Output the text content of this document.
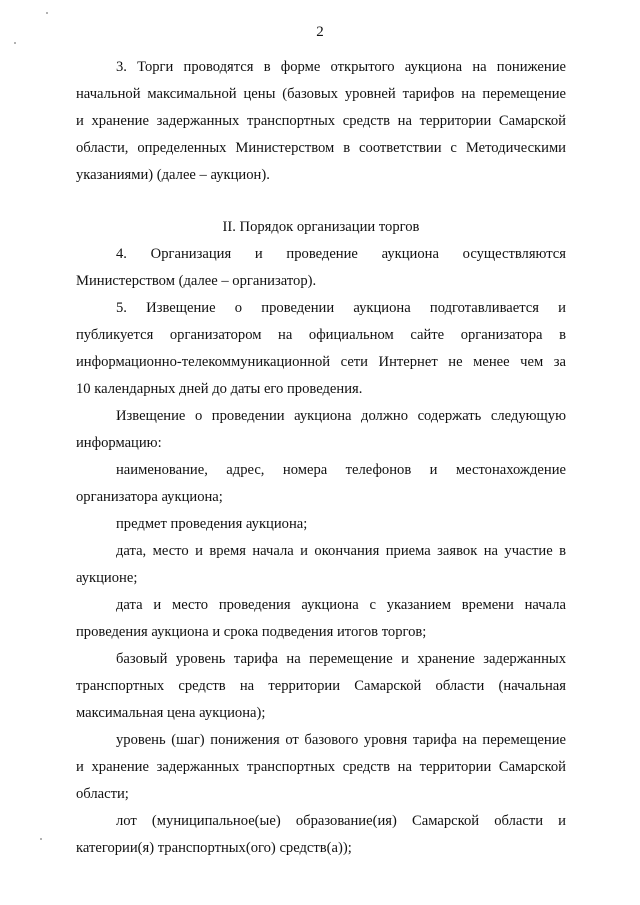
2
3. Торги проводятся в форме открытого аукциона на понижение
начальной максимальной цены (базовых уровней тарифов на перемещение
и хранение задержанных транспортных средств на территории Самарской
области, определенных Министерством в соответствии с Методическими
указаниями) (далее – аукцион).
II. Порядок организации торгов
4. Организация и проведение аукциона осуществляются
Министерством (далее – организатор).
5. Извещение о проведении аукциона подготавливается и
публикуется организатором на официальном сайте организатора в
информационно-телекоммуникационной сети Интернет не менее чем за
10 календарных дней до даты его проведения.
Извещение о проведении аукциона должно содержать следующую
информацию:
наименование, адрес, номера телефонов и местонахождение
организатора аукциона;
предмет проведения аукциона;
дата, место и время начала и окончания приема заявок на участие в
аукционе;
дата и место проведения аукциона с указанием времени начала
проведения аукциона и срока подведения итогов торгов;
базовый уровень тарифа на перемещение и хранение задержанных
транспортных средств на территории Самарской области (начальная
максимальная цена аукциона);
уровень (шаг) понижения от базового уровня тарифа на перемещение
и хранение задержанных транспортных средств на территории Самарской
области;
лот (муниципальное(ые) образование(ия) Самарской области и
категории(я) транспортных(ого) средств(а));
